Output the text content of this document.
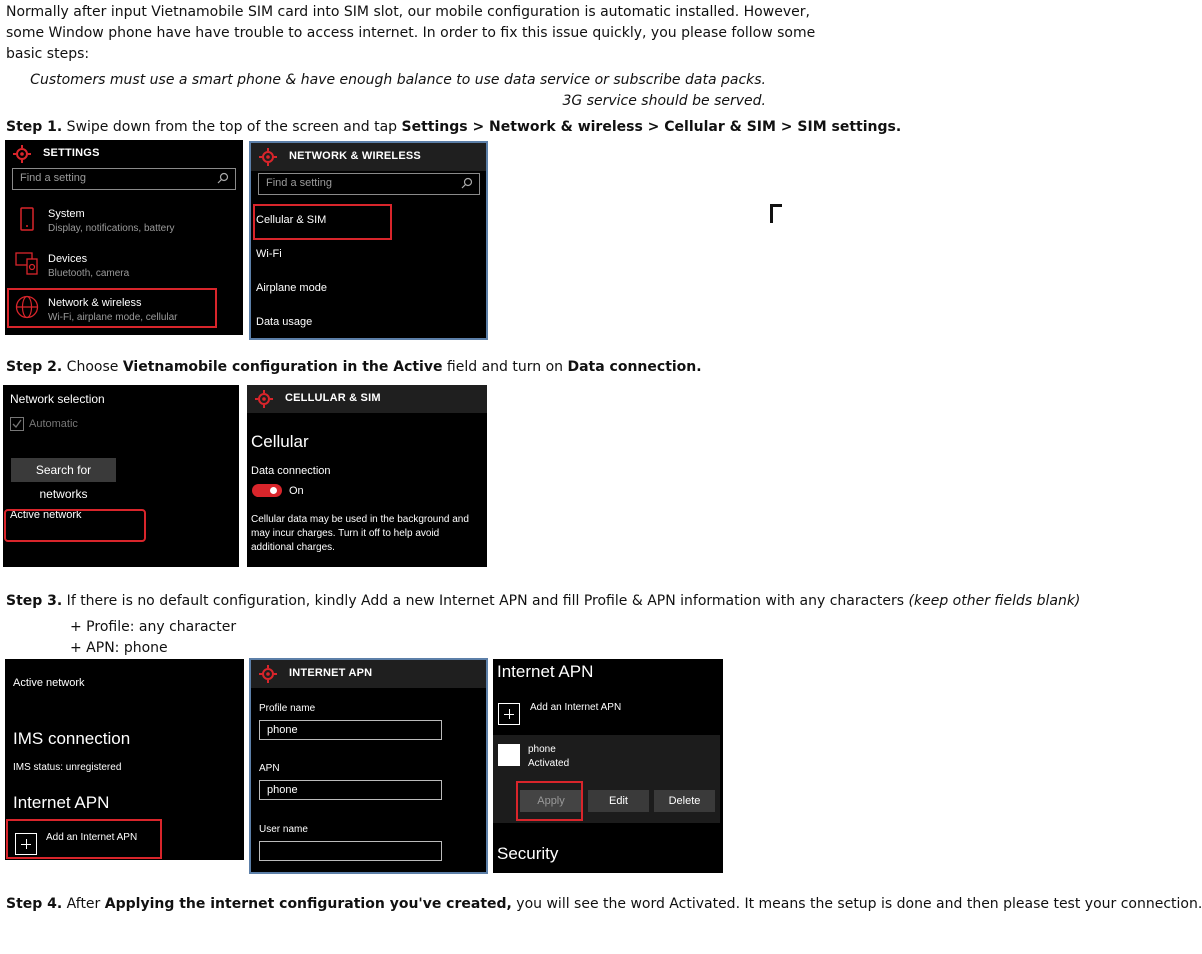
Normally after input Vietnamobile SIM card into SIM slot, our mobile configuration is automatic installed. However,
some Window phone have have trouble to access internet. In order to fix this issue quickly, you please follow some
basic steps:
Customers must use a smart phone & have enough balance to use data service or subscribe data packs.
3G service should be served.
Step 1. Swipe down from the top of the screen and tap Settings > Network & wireless > Cellular & SIM > SIM settings.
SETTINGS
Find a setting
System
Display, notifications, battery
Devices
Bluetooth, camera
Network & wireless
Wi-Fi, airplane mode, cellular
NETWORK & WIRELESS
Find a setting
Cellular & SIM
Wi-Fi
Airplane mode
Data usage
Step 2. Choose Vietnamobile configuration in the Active field and turn on Data connection.
Network selection
Automatic
Search for networks
Active network
CELLULAR & SIM
Cellular
Data connection
On
Cellular data may be used in the background and
may incur charges. Turn it off to help avoid
additional charges.
Step 3. If there is no default configuration, kindly Add a new Internet APN and fill Profile & APN information with any characters (keep other fields blank)
+ Profile: any character
+ APN: phone
Active network
IMS connection
IMS status: unregistered
Internet APN
Add an Internet APN
INTERNET APN
Profile name
phone
APN
phone
User name
Internet APN
Add an Internet APN
phone
Activated
Apply	Edit	Delete
Security
Step 4. After Applying the internet configuration you've created, you will see the word Activated. It means the setup is done and then please test your connection.
